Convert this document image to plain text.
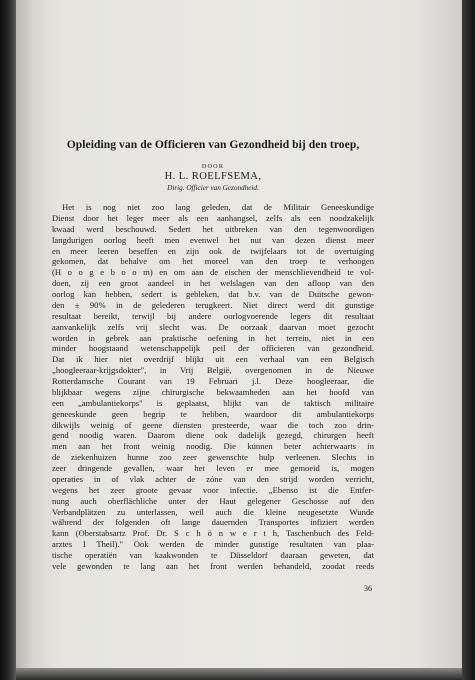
Opleiding van de Officieren van Gezondheid bij den troep,
DOOR
H. L. ROELFSEMA,
Dirig. Officier van Gezondheid.
Het is nog niet zoo lang geleden, dat de Militair Geneeskundige
Dienst door het leger meer als een aanhangsel, zelfs als een noodzakelijk
kwaad werd beschouwd. Sedert het uitbreken van den tegenwoordigen
langdurigen oorlog heeft men evenwel het nut van dezen dienst meer
en meer leeren beseffen en zijn ook de twijfelaars tot de overtuiging
gekomen, dat behalve om het moreel van den troep te verhoogen
(H o o g e b o o m) en om aan de eischen der menschlievendheid te vol-
doen, zij een groot aandeel in het welslagen van den afloop van den
oorlog kan hebben, sedert is gebleken, dat b.v. van de Duitsche gewon-
den ± 90% in de gelederen terugkeert. Niet direct werd dit gunstige
resultaat bereikt, terwijl bij andere oorlogvoerende legers dit resultaat
aanvankelijk zelfs vrij slecht was. De oorzaak daarvan moet gezocht
worden in gebrek aan praktische oefening in het terrein, niet in een
minder hoogstaand wetenschappelijk peil der officieren van gezondheid.
Dat ik hier niet overdrijf blijkt uit een verhaal van een Belgisch
„hoogleeraar-krijgsdokter", in Vrij België, overgenomen in de Nieuwe
Rotterdamsche Courant van 19 Februari j.l. Deze hoogleeraar, die
blijkbaar wegens zijne chirurgische bekwaamheden aan het hoofd van
een „ambulantiekorps" is geplaatst, blijkt van de taktisch militaire
geneeskunde geen begrip te hebben, waardoor dit ambulantiekorps
dikwijls weinig of geene diensten presteerde, waar die toch zoo drin-
gend noodig waren. Daarom diene ook dadelijk gezegd, chirurgen heeft
men aan het front weinig noodig. Die kunnen beter achterwaarts in
de ziekenhuizen hunne zoo zeer gewenschte hulp verleenen. Slechts in
zeer dringende gevallen, waar het leven er mee gemoeid is, mogen
operaties in of vlak achter de zóne van den strijd worden verricht,
wegens het zeer groote gevaar voor infectie. „Ebenso ist die Entfer-
nung auch oberflächliche unter der Haut gelegener Geschosse auf den
Verbandplätzen zu unterlassen, weil auch die kleine neugesetzte Wunde
während der folgenden oft lange dauernden Transportes infiziert werden
kann (Oberstabsartz Prof. Dr. S c h ö n w e r t h, Taschenbuch des Feld-
arztes I Theil)." Ook werden de minder gunstige resultaten van plaa-
tische operatiën van kaakwonden te Düsseldorf daaraan geweten, dat
vele gewonden te lang aan het front werden behandeld, zoodat reeds
36
